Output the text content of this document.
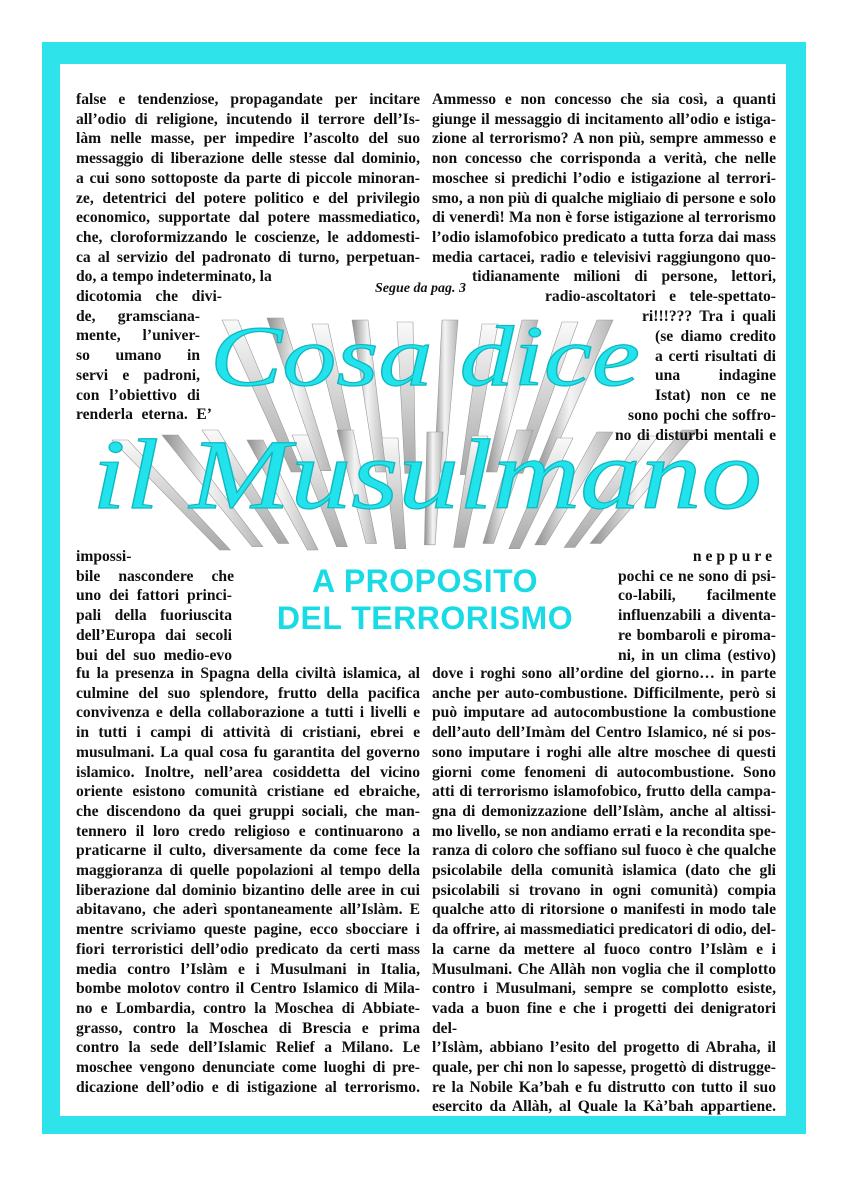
Cosa dice
il Musulmano
Segue da pag. 3

false e tendenziose, propagandate per incitare

all’odio di religione, incutendo il terrore dell’Is-

làm nelle masse, per impedire l’ascolto del suo

messaggio di liberazione delle stesse dal dominio,

a cui sono sottoposte da parte di piccole minoran-

ze, detentrici del potere politico e del privilegio

economico, supportate dal potere massmediatico,

che, cloroformizzando le coscienze, le addomesti-

ca al servizio del padronato di turno, perpetuan-

do, a tempo indeterminato, la

dicotomia che divi-

de, gramsciana-

mente, l’univer-

so umano in

servi e padroni,

con l’obiettivo di

renderla eterna. E’

Ammesso e non concesso che sia così, a quanti

giunge il messaggio di incitamento all’odio e istiga-

zione al terrorismo? A non più, sempre ammesso e

non concesso che corrisponda a verità, che nelle

moschee si predichi l’odio e istigazione al terrori-

smo, a non più di qualche migliaio di persone e solo

di venerdì! Ma non è forse istigazione al terrorismo

l’odio islamofobico predicato a tutta forza dai mass

media cartacei, radio e televisivi raggiungono quo-

tidianamente milioni di persone, lettori,

radio-ascoltatori e tele-spettato-

ri!!!??? Tra i quali

(se diamo credito

a certi risultati di

una indagine

Istat) non ce ne

sono pochi che soffro-

no di disturbi mentali e

impossi-

bile nascondere che

uno dei fattori princi-

pali della fuoriuscita

dell’Europa dai secoli

bui del suo medio-evo

A PROPOSITO
DEL TERRORISMO

neppure

pochi ce ne sono di psi-

co-labili, facilmente

influenzabili a diventa-

re bombaroli e piroma-

ni, in un clima (estivo)

fu la presenza in Spagna della civiltà islamica, al

culmine del suo splendore, frutto della pacifica

convivenza e della collaborazione a tutti i livelli e

in tutti i campi di attività di cristiani, ebrei e

musulmani. La qual cosa fu garantita del governo

islamico. Inoltre, nell’area cosiddetta del vicino

oriente esistono comunità cristiane ed ebraiche,

che discendono da quei gruppi sociali, che man-

tennero il loro credo religioso e continuarono a

praticarne il culto, diversamente da come fece la

maggioranza di quelle popolazioni al tempo della

liberazione dal dominio bizantino delle aree in cui

abitavano, che aderì spontaneamente all’Islàm. E

mentre scriviamo queste pagine, ecco sbocciare i

fiori terroristici dell’odio predicato da certi mass

media contro l’Islàm e i Musulmani in Italia,

bombe molotov contro il Centro Islamico di Mila-

no e Lombardia, contro la Moschea di Abbiate-

grasso, contro la Moschea di Brescia e prima

contro la sede dell’Islamic Relief a Milano. Le

moschee vengono denunciate come luoghi di pre-

dicazione dell’odio e di istigazione al terrorismo.

dove i roghi sono all’ordine del giorno… in parte

anche per auto-combustione. Difficilmente, però si

può imputare ad autocombustione la combustione

dell’auto dell’Imàm del Centro Islamico, né si pos-

sono imputare i roghi alle altre moschee di questi

giorni come fenomeni di autocombustione. Sono

atti di terrorismo islamofobico, frutto della campa-

gna di demonizzazione dell’Islàm, anche al altissi-

mo livello, se non andiamo errati e la recondita spe-

ranza di coloro che soffiano sul fuoco è che qualche

psicolabile della comunità islamica (dato che gli

psicolabili si trovano in ogni comunità) compia

qualche atto di ritorsione o manifesti in modo tale

da offrire, ai massmediatici predicatori di odio, del-

la carne da mettere al fuoco contro l’Islàm e i

Musulmani. Che Allàh non voglia che il complotto

contro i Musulmani, sempre se complotto esiste,

vada a buon fine e che i progetti dei denigratori del-

l’Islàm, abbiano l’esito del progetto di Abraha, il

quale, per chi non lo sapesse, progettò di distrugge-

re la Nobile Ka’bah e fu distrutto con tutto il suo

esercito da Allàh, al Quale la Kà’bah appartiene.
